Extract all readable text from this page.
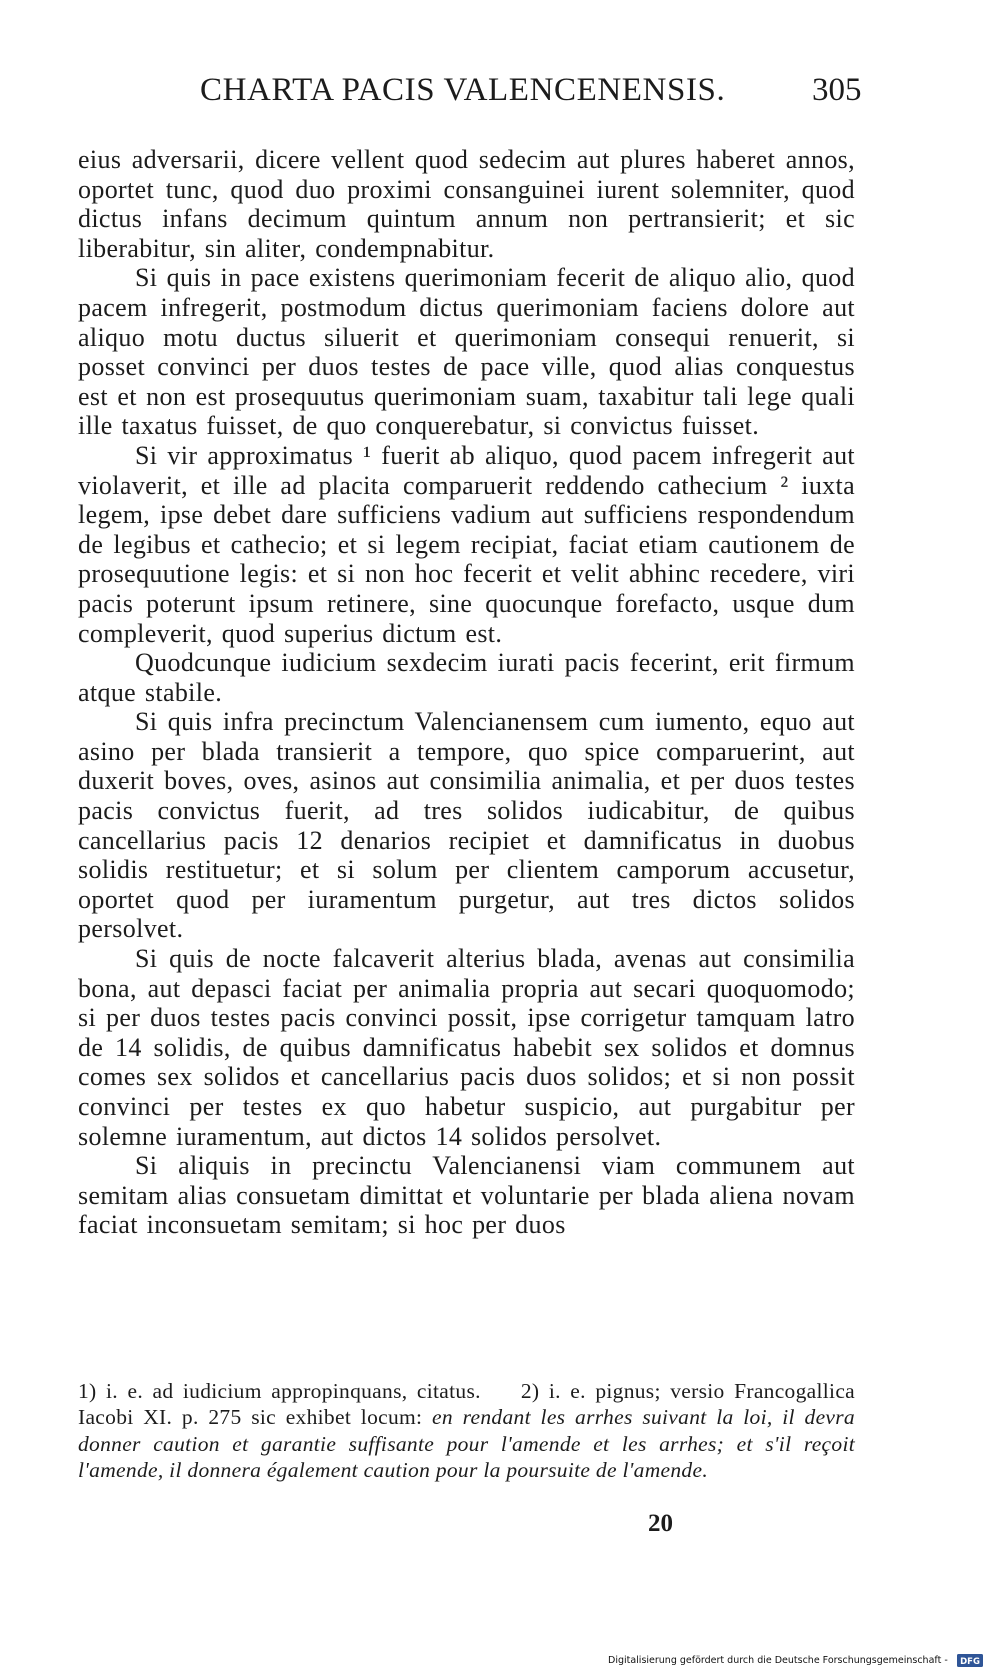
CHARTA PACIS VALENCENENSIS.	305

eius adversarii, dicere vellent quod sedecim aut plures haberet annos, oportet tunc, quod duo proximi consanguinei iurent solemniter, quod dictus infans decimum quintum annum non pertransierit; et sic liberabitur, sin aliter, condempnabitur.

Si quis in pace existens querimoniam fecerit de aliquo alio, quod pacem infregerit, postmodum dictus querimoniam faciens dolore aut aliquo motu ductus siluerit et querimoniam consequi renuerit, si posset convinci per duos testes de pace ville, quod alias conquestus est et non est prosequutus querimoniam suam, taxabitur tali lege quali ille taxatus fuisset, de quo conquerebatur, si convictus fuisset.

Si vir approximatus ¹ fuerit ab aliquo, quod pacem infregerit aut violaverit, et ille ad placita comparuerit reddendo cathecium ² iuxta legem, ipse debet dare sufficiens vadium aut sufficiens respondendum de legibus et cathecio; et si legem recipiat, faciat etiam cautionem de prosequutione legis: et si non hoc fecerit et velit abhinc recedere, viri pacis poterunt ipsum retinere, sine quocunque forefacto, usque dum compleverit, quod superius dictum est.

Quodcunque iudicium sexdecim iurati pacis fecerint, erit firmum atque stabile.

Si quis infra precinctum Valencianensem cum iumento, equo aut asino per blada transierit a tempore, quo spice comparuerint, aut duxerit boves, oves, asinos aut consimilia animalia, et per duos testes pacis convictus fuerit, ad tres solidos iudicabitur, de quibus cancellarius pacis 12 denarios recipiet et damnificatus in duobus solidis restituetur; et si solum per clientem camporum accusetur, oportet quod per iuramentum purgetur, aut tres dictos solidos persolvet.

Si quis de nocte falcaverit alterius blada, avenas aut consimilia bona, aut depasci faciat per animalia propria aut secari quoquomodo; si per duos testes pacis convinci possit, ipse corrigetur tamquam latro de 14 solidis, de quibus damnificatus habebit sex solidos et domnus comes sex solidos et cancellarius pacis duos solidos; et si non possit convinci per testes ex quo habetur suspicio, aut purgabitur per solemne iuramentum, aut dictos 14 solidos persolvet.

Si aliquis in precinctu Valencianensi viam communem aut semitam alias consuetam dimittat et voluntarie per blada aliena novam faciat inconsuetam semitam; si hoc per duos

1) i. e. ad iudicium appropinquans, citatus. 2) i. e. pignus; versio Francogallica Iacobi XI. p. 275 sic exhibet locum: en rendant les arrhes suivant la loi, il devra donner caution et garantie suffisante pour l'amende et les arrhes; et s'il reçoit l'amende, il donnera également caution pour la poursuite de l'amende.
20
Digitalisierung gefördert durch die Deutsche Forschungsgemeinschaft - DFG
